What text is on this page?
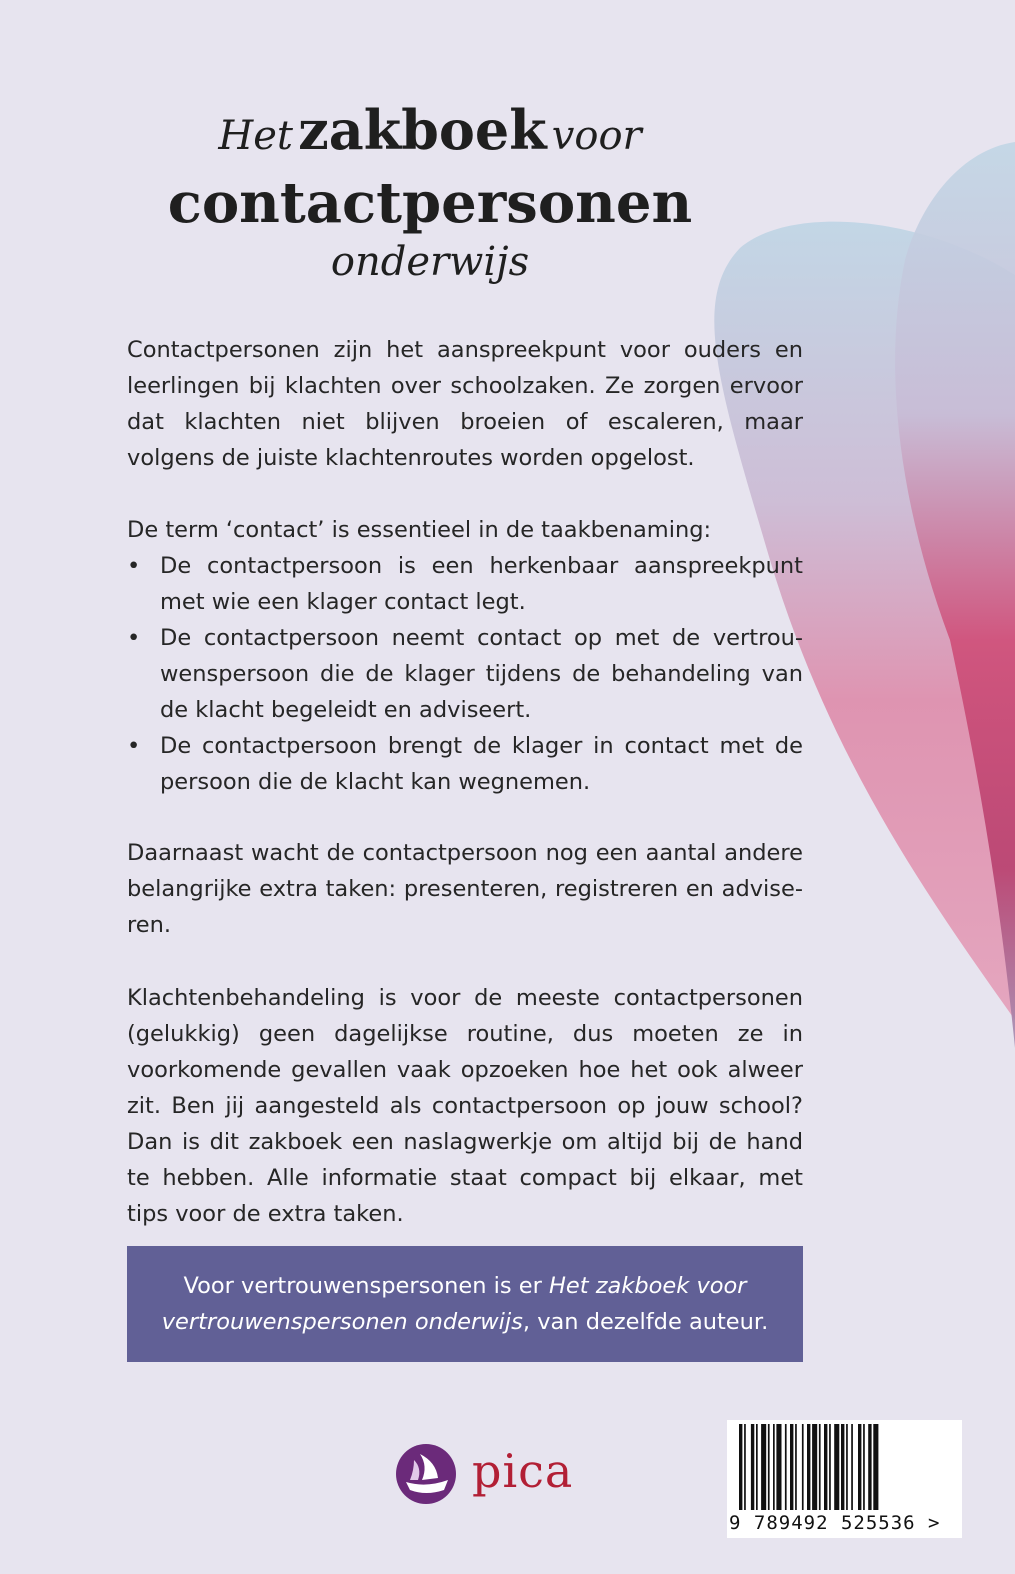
Het zakboek voor
contactpersonen
onderwijs

Contactpersonen zijn het aanspreekpunt voor ouders en leerlingen bij klachten over schoolzaken. Ze zorgen ervoor dat klachten niet blijven broeien of escaleren, maar volgens de juiste klachtenroutes worden opgelost.

De term ‘contact’ is essentieel in de taakbenaming:

• De contactpersoon is een herkenbaar aanspreekpunt met wie een klager contact legt.
• De contactpersoon neemt contact op met de vertrouwenspersoon die de klager tijdens de behandeling van de klacht begeleidt en adviseert.
• De contactpersoon brengt de klager in contact met de persoon die de klacht kan wegnemen.

Daarnaast wacht de contactpersoon nog een aantal andere belangrijke extra taken: presenteren, registreren en adviseren.

Klachtenbehandeling is voor de meeste contactpersonen (gelukkig) geen dagelijkse routine, dus moeten ze in voorkomende gevallen vaak opzoeken hoe het ook alweer zit. Ben jij aangesteld als contactpersoon op jouw school? Dan is dit zakboek een naslagwerkje om altijd bij de hand te hebben. Alle informatie staat compact bij elkaar, met tips voor de extra taken.

Voor vertrouwenspersonen is er Het zakboek voor vertrouwenspersonen onderwijs, van dezelfde auteur.
pica
9 789492 525536 >
